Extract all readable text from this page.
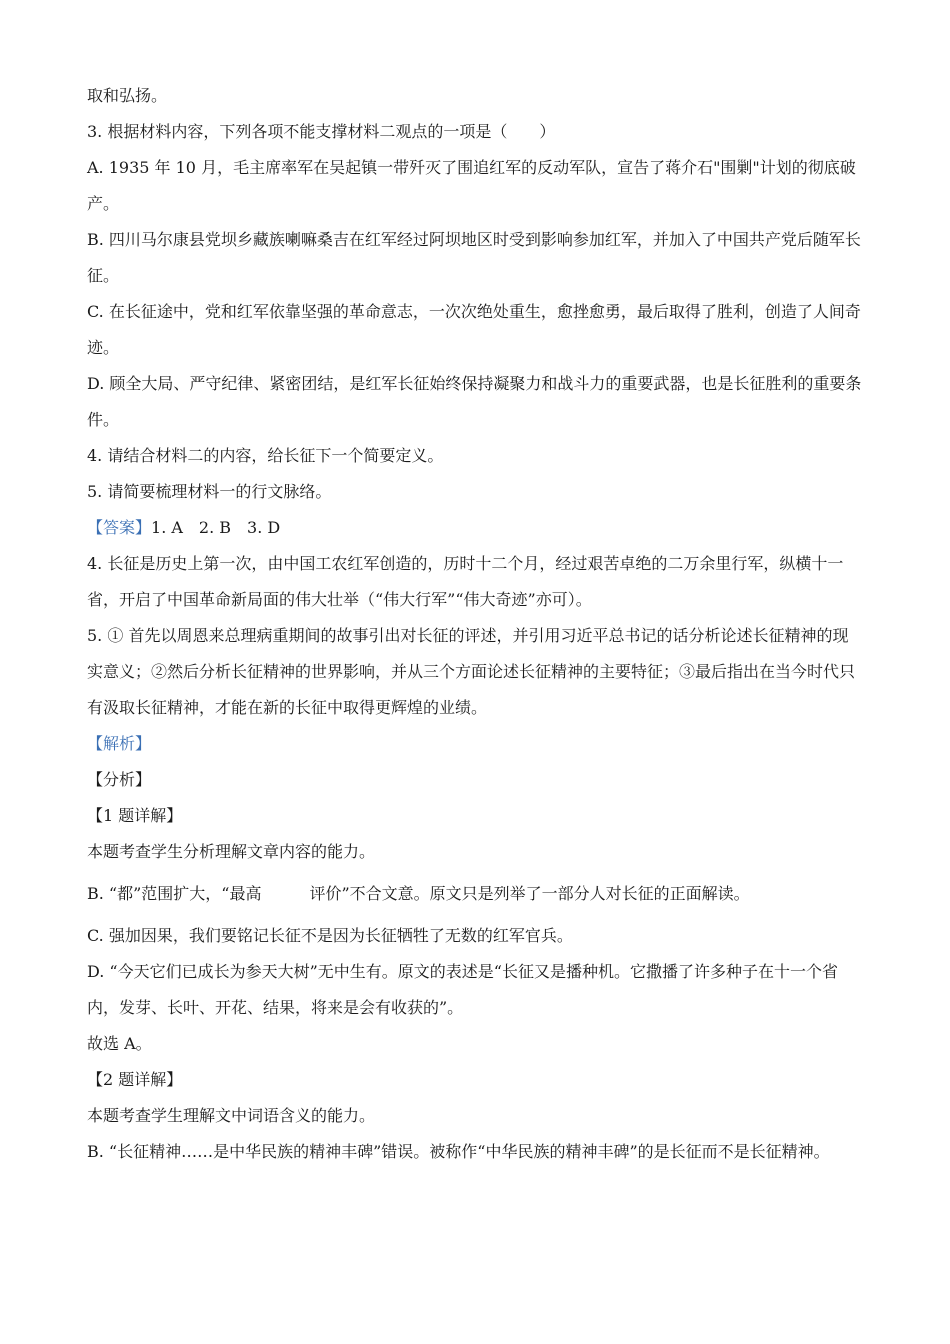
取和弘扬。

3. 根据材料内容，下列各项不能支撑材料二观点的一项是（　　）

A. 1935 年 10 月，毛主席率军在吴起镇一带歼灭了围追红军的反动军队，宣告了蒋介石"围剿"计划的彻底破产。

B. 四川马尔康县党坝乡藏族喇嘛桑吉在红军经过阿坝地区时受到影响参加红军，并加入了中国共产党后随军长征。

C. 在长征途中，党和红军依靠坚强的革命意志，一次次绝处重生，愈挫愈勇，最后取得了胜利，创造了人间奇迹。

D. 顾全大局、严守纪律、紧密团结，是红军长征始终保持凝聚力和战斗力的重要武器，也是长征胜利的重要条件。

4. 请结合材料二的内容，给长征下一个简要定义。

5. 请简要梳理材料一的行文脉络。

【答案】1. A　2. B　3. D

4. 长征是历史上第一次，由中国工农红军创造的，历时十二个月，经过艰苦卓绝的二万余里行军，纵横十一省，开启了中国革命新局面的伟大壮举（“伟大行军”“伟大奇迹”亦可）。

5. ① 首先以周恩来总理病重期间的故事引出对长征的评述，并引用习近平总书记的话分析论述长征精神的现实意义；②然后分析长征精神的世界影响，并从三个方面论述长征精神的主要特征；③最后指出在当今时代只有汲取长征精神，才能在新的长征中取得更辉煌的业绩。

【解析】

【分析】

【1 题详解】

本题考查学生分析理解文章内容的能力。

B. “都”范围扩大，“最高　　　评价”不合文意。原文只是列举了一部分人对长征的正面解读。

C. 强加因果，我们要铭记长征不是因为长征牺牲了无数的红军官兵。

D. “今天它们已成长为参天大树”无中生有。原文的表述是“长征又是播种机。它撒播了许多种子在十一个省内，发芽、长叶、开花、结果，将来是会有收获的”。

故选 A。

【2 题详解】

本题考查学生理解文中词语含义的能力。

B. “长征精神……是中华民族的精神丰碑”错误。被称作“中华民族的精神丰碑”的是长征而不是长征精神。
